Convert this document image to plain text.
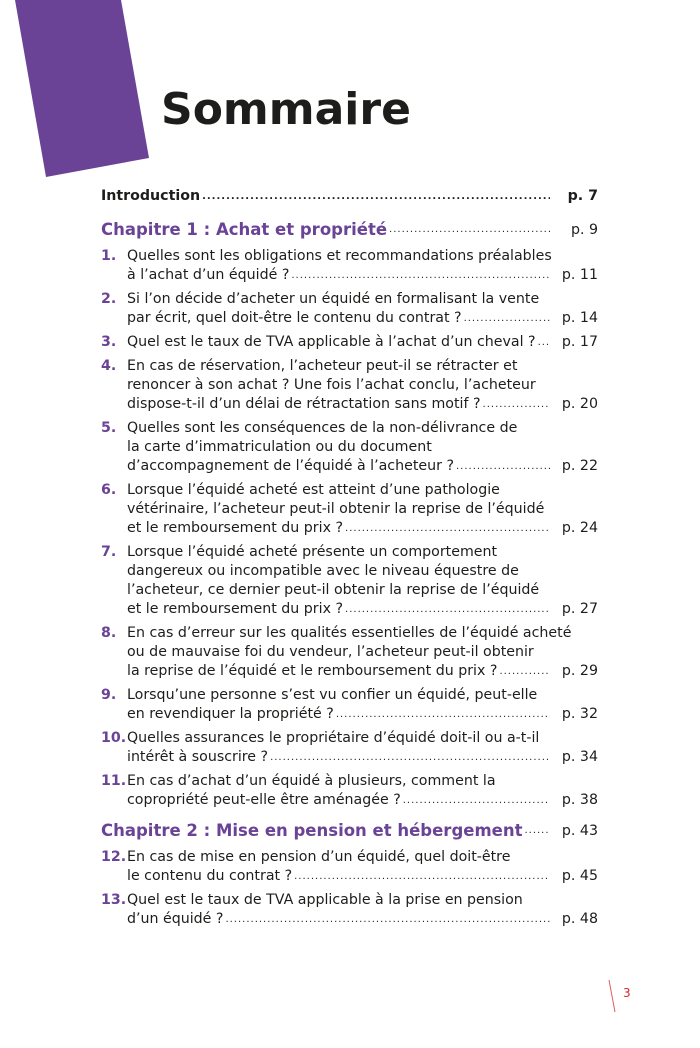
Sommaire
Introduction .....	p. 7
Chapitre 1 : Achat et propriété .....	p. 9
1. Quelles sont les obligations et recommandations préalables
à l’achat d’un équidé ? .....	p. 11
2. Si l’on décide d’acheter un équidé en formalisant la vente
par écrit, quel doit-être le contenu du contrat ? .....	p. 14
3. Quel est le taux de TVA applicable à l’achat d’un cheval ? .....	p. 17
4. En cas de réservation, l’acheteur peut-il se rétracter et
renoncer à son achat ? Une fois l’achat conclu, l’acheteur
dispose-t-il d’un délai de rétractation sans motif ? .....	p. 20
5. Quelles sont les conséquences de la non-délivrance de
la carte d’immatriculation ou du document
d’accompagnement de l’équidé à l’acheteur ? .....	p. 22
6. Lorsque l’équidé acheté est atteint d’une pathologie
vétérinaire, l’acheteur peut-il obtenir la reprise de l’équidé
et le remboursement du prix ? .....	p. 24
7. Lorsque l’équidé acheté présente un comportement
dangereux ou incompatible avec le niveau équestre de
l’acheteur, ce dernier peut-il obtenir la reprise de l’équidé
et le remboursement du prix ? .....	p. 27
8. En cas d’erreur sur les qualités essentielles de l’équidé acheté
ou de mauvaise foi du vendeur, l’acheteur peut-il obtenir
la reprise de l’équidé et le remboursement du prix ? .....	p. 29
9. Lorsqu’une personne s’est vu confier un équidé, peut-elle
en revendiquer la propriété ? .....	p. 32
10. Quelles assurances le propriétaire d’équidé doit-il ou a-t-il
intérêt à souscrire ? .....	p. 34
11. En cas d’achat d’un équidé à plusieurs, comment la
copropriété peut-elle être aménagée ? .....	p. 38
Chapitre 2 : Mise en pension et hébergement .....	p. 43
12. En cas de mise en pension d’un équidé, quel doit-être
le contenu du contrat ? .....	p. 45
13. Quel est le taux de TVA applicable à la prise en pension
d’un équidé ? .....	p. 48
3
